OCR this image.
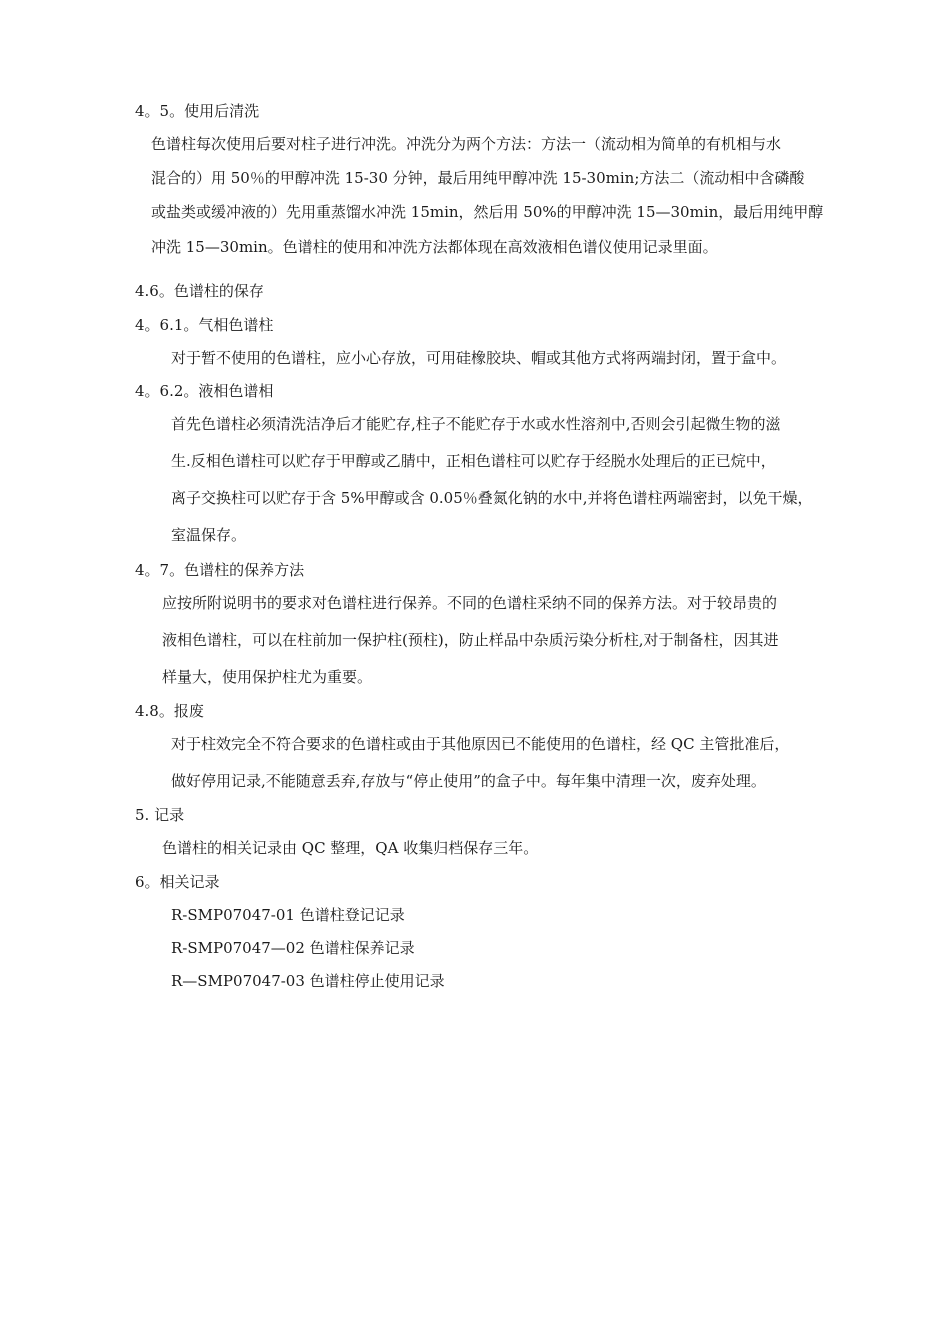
4。5。使用后清洗

色谱柱每次使用后要对柱子进行冲洗。冲洗分为两个方法：方法一（流动相为简单的有机相与水

混合的）用 50％的甲醇冲洗 15-30 分钟，最后用纯甲醇冲洗 15-30min;方法二（流动相中含磷酸

或盐类或缓冲液的）先用重蒸馏水冲洗 15min，然后用 50%的甲醇冲洗 15—30min，最后用纯甲醇

冲洗 15—30min。色谱柱的使用和冲洗方法都体现在高效液相色谱仪使用记录里面。

4.6。色谱柱的保存

4。6.1。气相色谱柱

对于暂不使用的色谱柱，应小心存放，可用硅橡胶块、帽或其他方式将两端封闭，置于盒中。

4。6.2。液相色谱相

首先色谱柱必须清洗洁净后才能贮存,柱子不能贮存于水或水性溶剂中,否则会引起微生物的滋

生.反相色谱柱可以贮存于甲醇或乙腈中，正相色谱柱可以贮存于经脱水处理后的正已烷中，

离子交换柱可以贮存于含 5%甲醇或含 0.05％叠氮化钠的水中,并将色谱柱两端密封，以免干燥，

室温保存。

4。7。色谱柱的保养方法

应按所附说明书的要求对色谱柱进行保养。不同的色谱柱采纳不同的保养方法。对于较昂贵的

液相色谱柱，可以在柱前加一保护柱(预柱)，防止样品中杂质污染分析柱,对于制备柱，因其进

样量大，使用保护柱尤为重要。

4.8。报废

对于柱效完全不符合要求的色谱柱或由于其他原因已不能使用的色谱柱，经 QC 主管批准后，

做好停用记录,不能随意丢弃,存放与“停止使用”的盒子中。每年集中清理一次，废弃处理。

5. 记录

色谱柱的相关记录由 QC 整理，QA 收集归档保存三年。

6。相关记录

R-SMP07047-01 色谱柱登记记录

R-SMP07047—02 色谱柱保养记录

R—SMP07047-03 色谱柱停止使用记录
